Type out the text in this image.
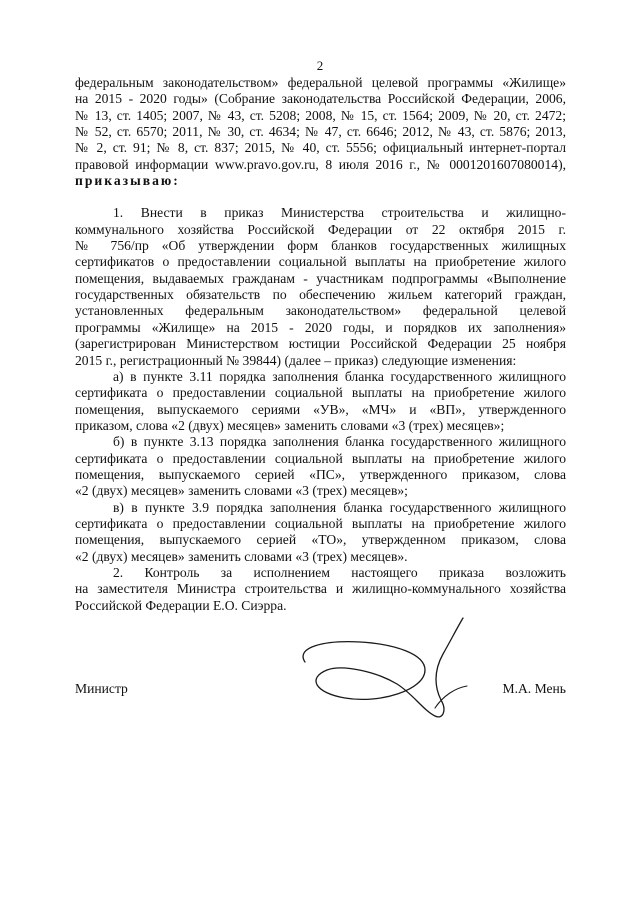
2
федеральным законодательством» федеральной целевой программы «Жилище»
на 2015 - 2020 годы» (Собрание законодательства Российской Федерации, 2006,
№ 13, ст. 1405; 2007, № 43, ст. 5208; 2008, № 15, ст. 1564; 2009, № 20, ст. 2472;
№ 52, ст. 6570; 2011, № 30, ст. 4634; № 47, ст. 6646; 2012, № 43, ст. 5876; 2013,
№ 2, ст. 91; № 8, ст. 837; 2015, № 40, ст. 5556; официальный интернет-портал
правовой информации www.pravo.gov.ru, 8 июля 2016 г., № 0001201607080014),
приказываю:
1. Внести в приказ Министерства строительства и жилищно-
коммунального хозяйства Российской Федерации от 22 октября 2015 г.
№ 756/пр «Об утверждении форм бланков государственных жилищных
сертификатов о предоставлении социальной выплаты на приобретение жилого
помещения, выдаваемых гражданам - участникам подпрограммы «Выполнение
государственных обязательств по обеспечению жильем категорий граждан,
установленных федеральным законодательством» федеральной целевой
программы «Жилище» на 2015 - 2020 годы, и порядков их заполнения»
(зарегистрирован Министерством юстиции Российской Федерации 25 ноября
2015 г., регистрационный № 39844) (далее – приказ) следующие изменения:
а) в пункте 3.11 порядка заполнения бланка государственного жилищного
сертификата о предоставлении социальной выплаты на приобретение жилого
помещения, выпускаемого сериями «УВ», «МЧ» и «ВП», утвержденного
приказом, слова «2 (двух) месяцев» заменить словами «3 (трех) месяцев»;
б) в пункте 3.13 порядка заполнения бланка государственного жилищного
сертификата о предоставлении социальной выплаты на приобретение жилого
помещения, выпускаемого серией «ПС», утвержденного приказом, слова
«2 (двух) месяцев» заменить словами «3 (трех) месяцев»;
в) в пункте 3.9 порядка заполнения бланка государственного жилищного
сертификата о предоставлении социальной выплаты на приобретение жилого
помещения, выпускаемого серией «ТО», утвержденном приказом, слова
«2 (двух) месяцев» заменить словами «3 (трех) месяцев».
2. Контроль за исполнением настоящего приказа возложить
на заместителя Министра строительства и жилищно-коммунального хозяйства
Российской Федерации Е.О. Сиэрра.
Министр	М.А. Мень
